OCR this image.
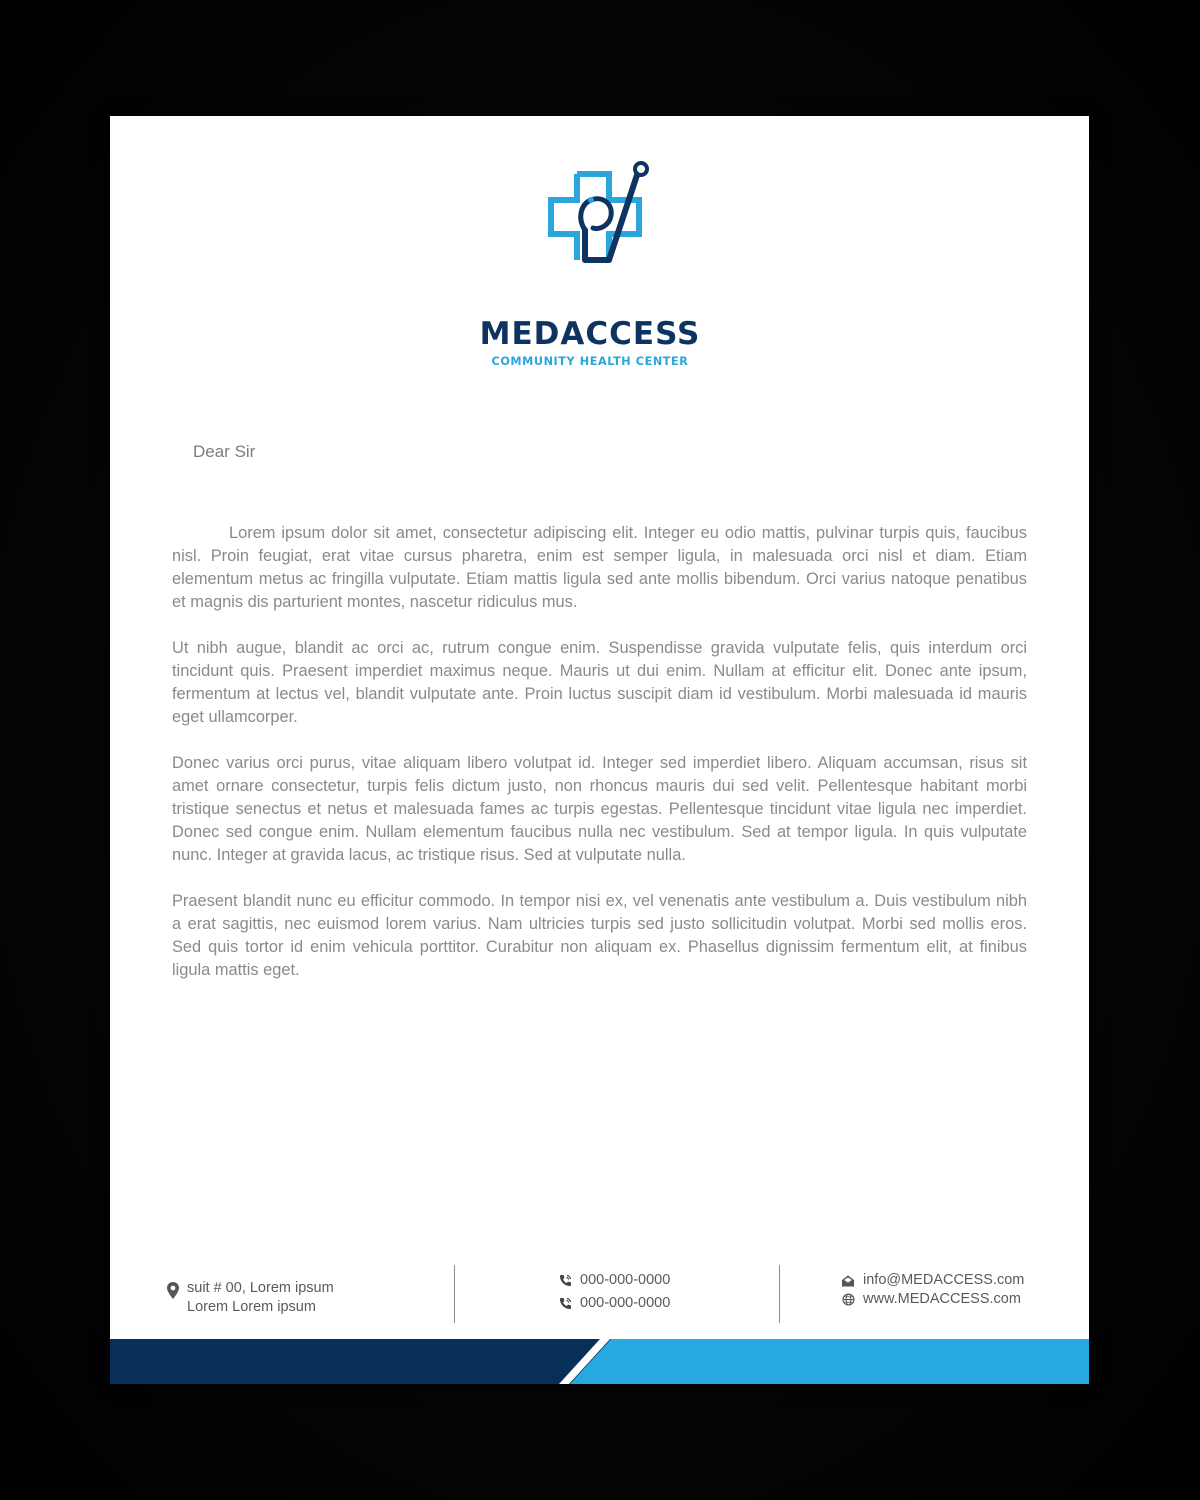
MEDACCESS
COMMUNITY HEALTH CENTER
Dear Sir

Lorem ipsum dolor sit amet, consectetur adipiscing elit. Integer eu odio mattis, pulvinar turpis quis, faucibus nisl. Proin feugiat, erat vitae cursus pharetra, enim est semper ligula, in malesuada orci nisl et diam. Etiam elementum metus ac fringilla vulputate. Etiam mattis ligula sed ante mollis bibendum. Orci varius natoque penatibus et magnis dis parturient montes, nascetur ridiculus mus.

Ut nibh augue, blandit ac orci ac, rutrum congue enim. Suspendisse gravida vulputate felis, quis interdum orci tincidunt quis. Praesent imperdiet maximus neque. Mauris ut dui enim. Nullam at efficitur elit. Donec ante ipsum, fermentum at lectus vel, blandit vulputate ante. Proin luctus suscipit diam id vestibulum. Morbi malesuada id mauris eget ullamcorper.

Donec varius orci purus, vitae aliquam libero volutpat id. Integer sed imperdiet libero. Aliquam accumsan, risus sit amet ornare consectetur, turpis felis dictum justo, non rhoncus mauris dui sed velit. Pellentesque habitant morbi tristique senectus et netus et malesuada fames ac turpis egestas. Pellentesque tincidunt vitae ligula nec imperdiet. Donec sed congue enim. Nullam elementum faucibus nulla nec vestibulum. Sed at tempor ligula. In quis vulputate nunc. Integer at gravida lacus, ac tristique risus. Sed at vulputate nulla.

Praesent blandit nunc eu efficitur commodo. In tempor nisi ex, vel venenatis ante vestibulum a. Duis vestibulum nibh a erat sagittis, nec euismod lorem varius. Nam ultricies turpis sed justo sollicitudin volutpat. Morbi sed mollis eros. Sed quis tortor id enim vehicula porttitor. Curabitur non aliquam ex. Phasellus dignissim fermentum elit, at finibus ligula mattis eget.

suit # 00, Lorem ipsum
Lorem Lorem ipsum
000-000-0000
000-000-0000
info@MEDACCESS.com
www.MEDACCESS.com
